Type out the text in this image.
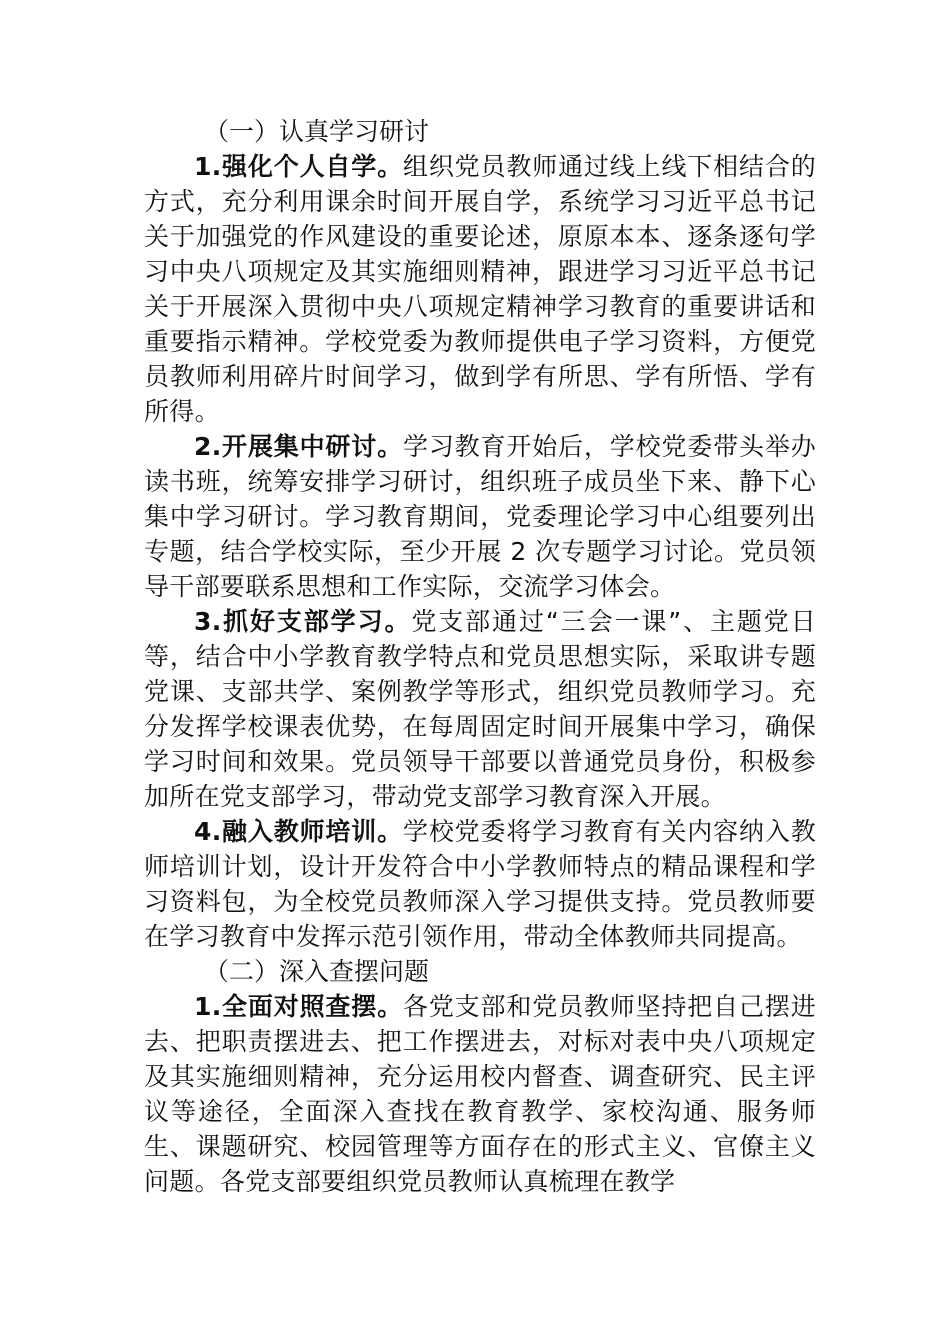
（一）认真学习研讨

1.强化个人自学。组织党员教师通过线上线下相结合的方式，充分利用课余时间开展自学，系统学习习近平总书记关于加强党的作风建设的重要论述，原原本本、逐条逐句学习中央八项规定及其实施细则精神，跟进学习习近平总书记关于开展深入贯彻中央八项规定精神学习教育的重要讲话和重要指示精神。学校党委为教师提供电子学习资料，方便党员教师利用碎片时间学习，做到学有所思、学有所悟、学有所得。

2.开展集中研讨。学习教育开始后，学校党委带头举办读书班，统筹安排学习研讨，组织班子成员坐下来、静下心集中学习研讨。学习教育期间，党委理论学习中心组要列出专题，结合学校实际，至少开展 2 次专题学习讨论。党员领导干部要联系思想和工作实际，交流学习体会。

3.抓好支部学习。党支部通过“三会一课”、主题党日等，结合中小学教育教学特点和党员思想实际，采取讲专题党课、支部共学、案例教学等形式，组织党员教师学习。充分发挥学校课表优势，在每周固定时间开展集中学习，确保学习时间和效果。党员领导干部要以普通党员身份，积极参加所在党支部学习，带动党支部学习教育深入开展。

4.融入教师培训。学校党委将学习教育有关内容纳入教师培训计划，设计开发符合中小学教师特点的精品课程和学习资料包，为全校党员教师深入学习提供支持。党员教师要在学习教育中发挥示范引领作用，带动全体教师共同提高。

（二）深入查摆问题

1.全面对照查摆。各党支部和党员教师坚持把自己摆进去、把职责摆进去、把工作摆进去，对标对表中央八项规定及其实施细则精神，充分运用校内督查、调查研究、民主评议等途径，全面深入查找在教育教学、家校沟通、服务师生、课题研究、校园管理等方面存在的形式主义、官僚主义问题。各党支部要组织党员教师认真梳理在教学
